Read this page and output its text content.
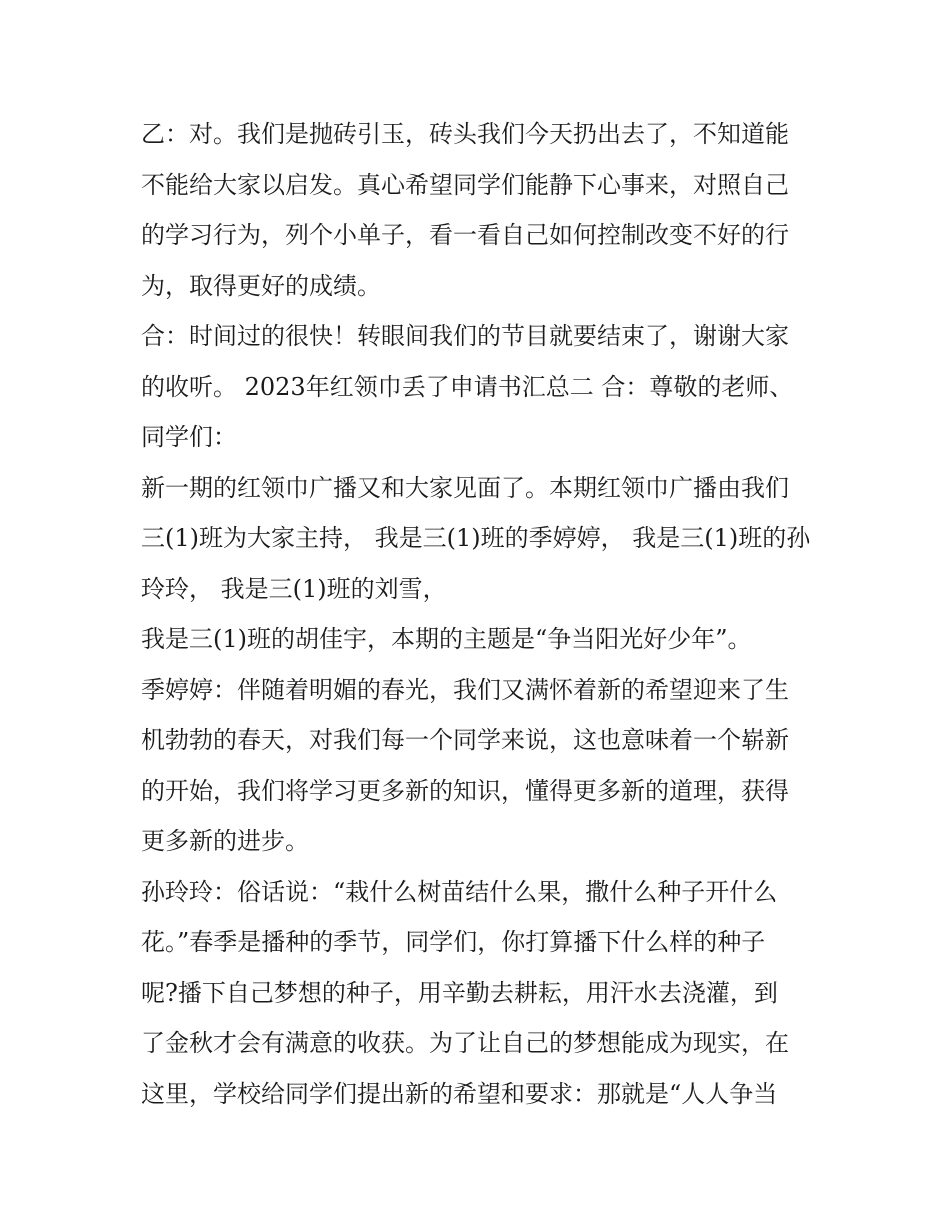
乙：对。我们是抛砖引玉，砖头我们今天扔出去了，不知道能
不能给大家以启发。真心希望同学们能静下心事来，对照自己
的学习行为，列个小单子，看一看自己如何控制改变不好的行
为，取得更好的成绩。
合：时间过的很快！转眼间我们的节目就要结束了，谢谢大家
的收听。 2023年红领巾丢了申请书汇总二 合：尊敬的老师、
同学们：
新一期的红领巾广播又和大家见面了。本期红领巾广播由我们
三(1)班为大家主持， 我是三(1)班的季婷婷， 我是三(1)班的孙
玲玲， 我是三(1)班的刘雪，
我是三(1)班的胡佳宇，本期的主题是“争当阳光好少年”。
季婷婷：伴随着明媚的春光，我们又满怀着新的希望迎来了生
机勃勃的春天，对我们每一个同学来说，这也意味着一个崭新
的开始，我们将学习更多新的知识，懂得更多新的道理，获得
更多新的进步。
孙玲玲：俗话说：“栽什么树苗结什么果，撒什么种子开什么
花。”春季是播种的季节，同学们，你打算播下什么样的种子
呢?播下自己梦想的种子，用辛勤去耕耘，用汗水去浇灌，到
了金秋才会有满意的收获。为了让自己的梦想能成为现实，在
这里，学校给同学们提出新的希望和要求：那就是“人人争当
